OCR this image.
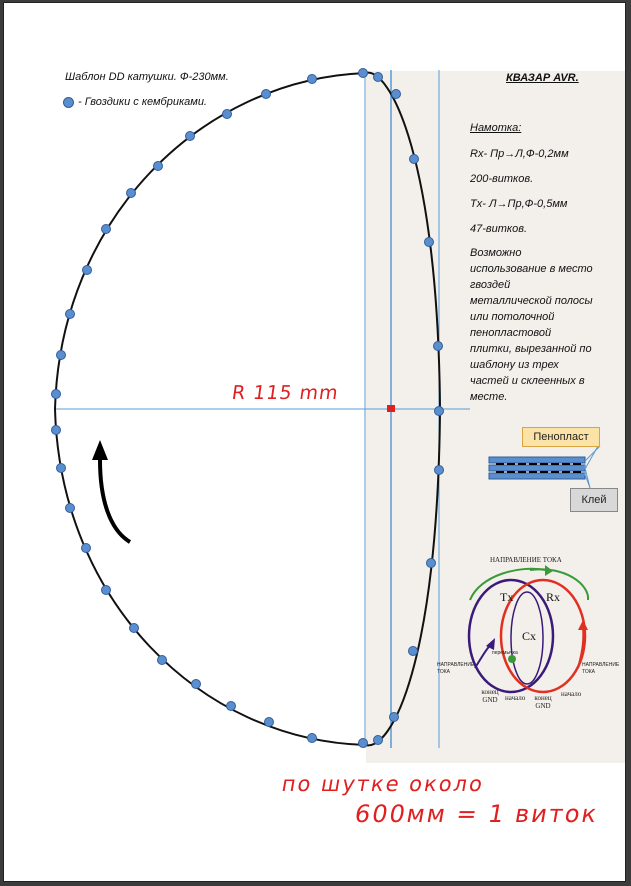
Шаблон DD катушки. Ф-230мм.
- Гвоздики с кембриками.
КВАЗАР AVR.
Намотка:
Rx- Пр→Л,Ф-0,2мм
200-витков.
Tx- Л→Пр,Ф-0,5мм
47-витков.
Возможно использование в место гвоздей металлической полосы или потолочной пенопластовой плитки, вырезанной по шаблону из трех частей и склеенных в месте.
Пенопласт
Клей
R 115 mm
НАПРАВЛЕНИЕ ТОКА
Tx	Rx
Cx
перемычка
НАПРАВЛЕНИЕ ТОКА
НАПРАВЛЕНИЕ ТОКА
конец GND	начало	конец GND
начало
по шутке около
600мм = 1 виток
